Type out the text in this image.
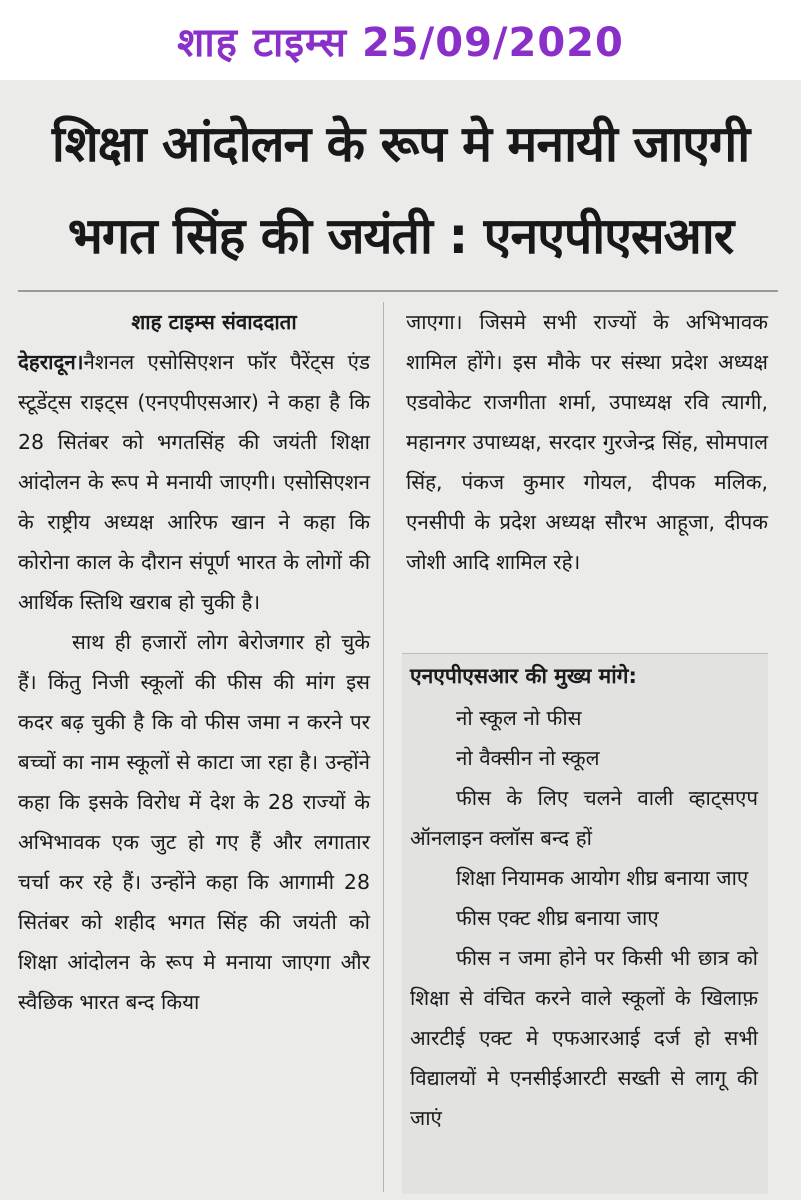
शाह टाइम्स 25/09/2020
शिक्षा आंदोलन के रूप मे मनायी जाएगी
भगत सिंह की जयंती : एनएपीएसआर
शाह टाइम्स संवाददाता
देहरादून।नैशनल एसोसिएशन फॉर पैरेंट्स एंड स्टूडेंट्स राइट्स (एनएपीएसआर) ने कहा है कि 28 सितंबर को भगतसिंह की जयंती शिक्षा आंदोलन के रूप मे मनायी जाएगी। एसोसिएशन के राष्ट्रीय अध्यक्ष आरिफ खान ने कहा कि कोरोना काल के दौरान संपूर्ण भारत के लोगों की आर्थिक स्तिथि खराब हो चुकी है।
साथ ही हजारों लोग बेरोजगार हो चुके हैं। किंतु निजी स्कूलों की फीस की मांग इस कदर बढ़ चुकी है कि वो फीस जमा न करने पर बच्चों का नाम स्कूलों से काटा जा रहा है। उन्होंने कहा कि इसके विरोध में देश के 28 राज्यों के अभिभावक एक जुट हो गए हैं और लगातार चर्चा कर रहे हैं। उन्होंने कहा कि आगामी 28 सितंबर को शहीद भगत सिंह की जयंती को शिक्षा आंदोलन के रूप मे मनाया जाएगा और स्वैछिक भारत बन्द किया
जाएगा। जिसमे सभी राज्यों के अभिभावक शामिल होंगे। इस मौके पर संस्था प्रदेश अध्यक्ष एडवोकेट राजगीता शर्मा, उपाध्यक्ष रवि त्यागी, महानगर उपाध्यक्ष, सरदार गुरजेन्द्र सिंह, सोमपाल सिंह, पंकज कुमार गोयल, दीपक मलिक, एनसीपी के प्रदेश अध्यक्ष सौरभ आहूजा, दीपक जोशी आदि शामिल रहे।
एनएपीएसआर की मुख्य मांगे:
नो स्कूल नो फीस
नो वैक्सीन नो स्कूल
फीस के लिए चलने वाली व्हाट्सएप ऑनलाइन क्लॉस बन्द हों
शिक्षा नियामक आयोग शीघ्र बनाया जाए
फीस एक्ट शीघ्र बनाया जाए
फीस न जमा होने पर किसी भी छात्र को शिक्षा से वंचित करने वाले स्कूलों के खिलाफ़ आरटीई एक्ट मे एफआरआई दर्ज हो सभी विद्यालयों मे एनसीईआरटी सख्ती से लागू की जाएं
